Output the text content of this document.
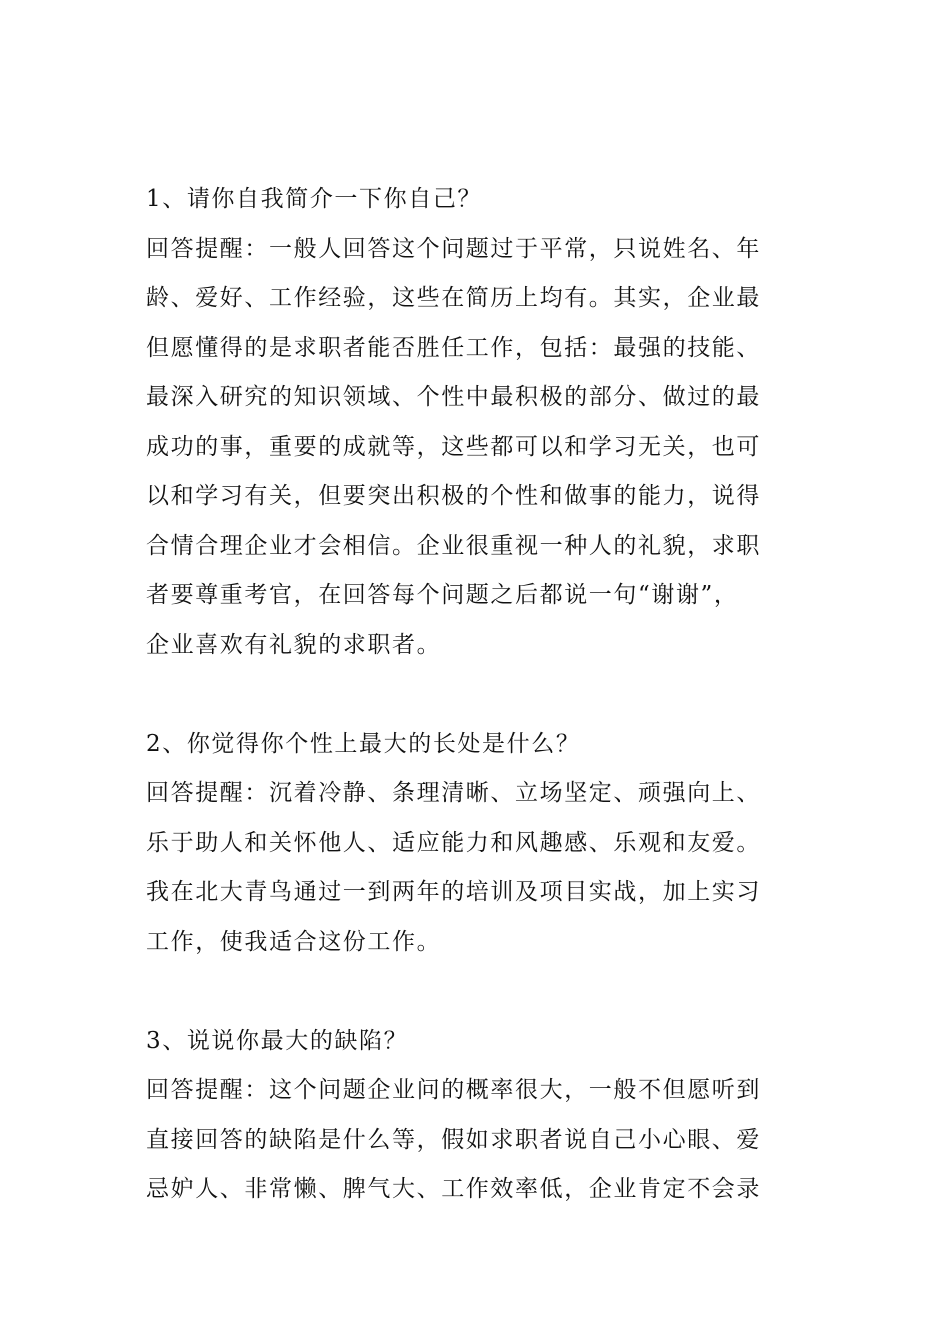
1、请你自我简介一下你自己？
回答提醒：一般人回答这个问题过于平常，只说姓名、年
龄、爱好、工作经验，这些在简历上均有。其实，企业最
但愿懂得的是求职者能否胜任工作，包括：最强的技能、
最深入研究的知识领域、个性中最积极的部分、做过的最
成功的事，重要的成就等，这些都可以和学习无关，也可
以和学习有关，但要突出积极的个性和做事的能力，说得
合情合理企业才会相信。企业很重视一种人的礼貌，求职
者要尊重考官，在回答每个问题之后都说一句“谢谢”，
企业喜欢有礼貌的求职者。
2、你觉得你个性上最大的长处是什么？
回答提醒：沉着冷静、条理清晰、立场坚定、顽强向上、
乐于助人和关怀他人、适应能力和风趣感、乐观和友爱。
我在北大青鸟通过一到两年的培训及项目实战，加上实习
工作，使我适合这份工作。
3、说说你最大的缺陷？
回答提醒：这个问题企业问的概率很大，一般不但愿听到
直接回答的缺陷是什么等，假如求职者说自己小心眼、爱
忌妒人、非常懒、脾气大、工作效率低，企业肯定不会录
